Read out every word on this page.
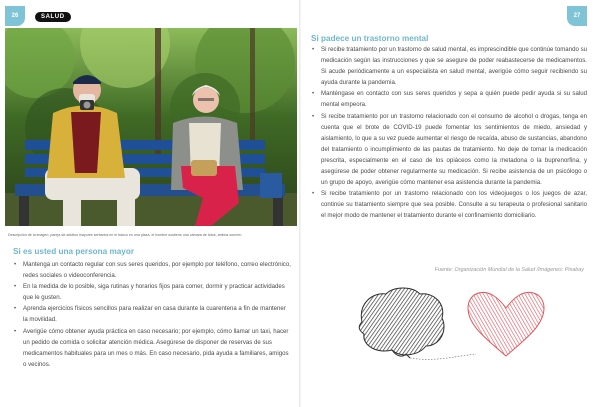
26	27
SALUD
Descripción de la imagen: pareja de adultos mayores sentados en el banco en una plaza, el hombre sostiene una cámara de fotos, ambos sonríen.
Si es usted una persona mayor
• Mantenga un contacto regular con sus seres queridos, por ejemplo por teléfono, correo electrónico, redes sociales o videoconferencia.
• En la medida de lo posible, siga rutinas y horarios fijos para comer, dormir y practicar actividades que le gusten.
• Aprenda ejercicios físicos sencillos para realizar en casa durante la cuarentena a fin de mantener la movilidad.
• Averigüe cómo obtener ayuda práctica en caso necesario; por ejemplo, cómo llamar un taxi, hacer un pedido de comida o solicitar atención médica. Asegúrese de disponer de reservas de sus medicamentos habituales para un mes o más. En caso necesario, pida ayuda a familiares, amigos o vecinos.
Si padece un trastorno mental
• Si recibe tratamiento por un trastorno de salud mental, es imprescindible que continúe tomando su medicación según las instrucciones y que se asegure de poder reabastecerse de medicamentos. Si acude periódicamente a un especialista en salud mental, averigüe cómo seguir recibiendo su ayuda durante la pandemia.
• Manténgase en contacto con sus seres queridos y sepa a quién puede pedir ayuda si su salud mental empeora.
• Si recibe tratamiento por un trastorno relacionado con el consumo de alcohol o drogas, tenga en cuenta que el brote de COVID-19 puede fomentar los sentimientos de miedo, ansiedad y aislamiento, lo que a su vez puede aumentar el riesgo de recaída, abuso de sustancias, abandono del tratamiento o incumplimiento de las pautas de tratamiento. No deje de tomar la medicación prescrita, especialmente en el caso de los opiáceos como la metadona o la buprenorfina, y asegúrese de poder obtener regularmente su medicación. Si recibe asistencia de un psicólogo o un grupo de apoyo, averigüe cómo mantener esa asistencia durante la pandemia.
• Si recibe tratamiento por un trastorno relacionado con los videojuegos o los juegos de azar, continúe su tratamiento siempre que sea posible. Consulte a su terapeuta o profesional sanitario el mejor modo de mantener el tratamiento durante el confinamiento domiciliario.
Fuente: Organización Mundial de la Salud /Imágenes: Pixabay
